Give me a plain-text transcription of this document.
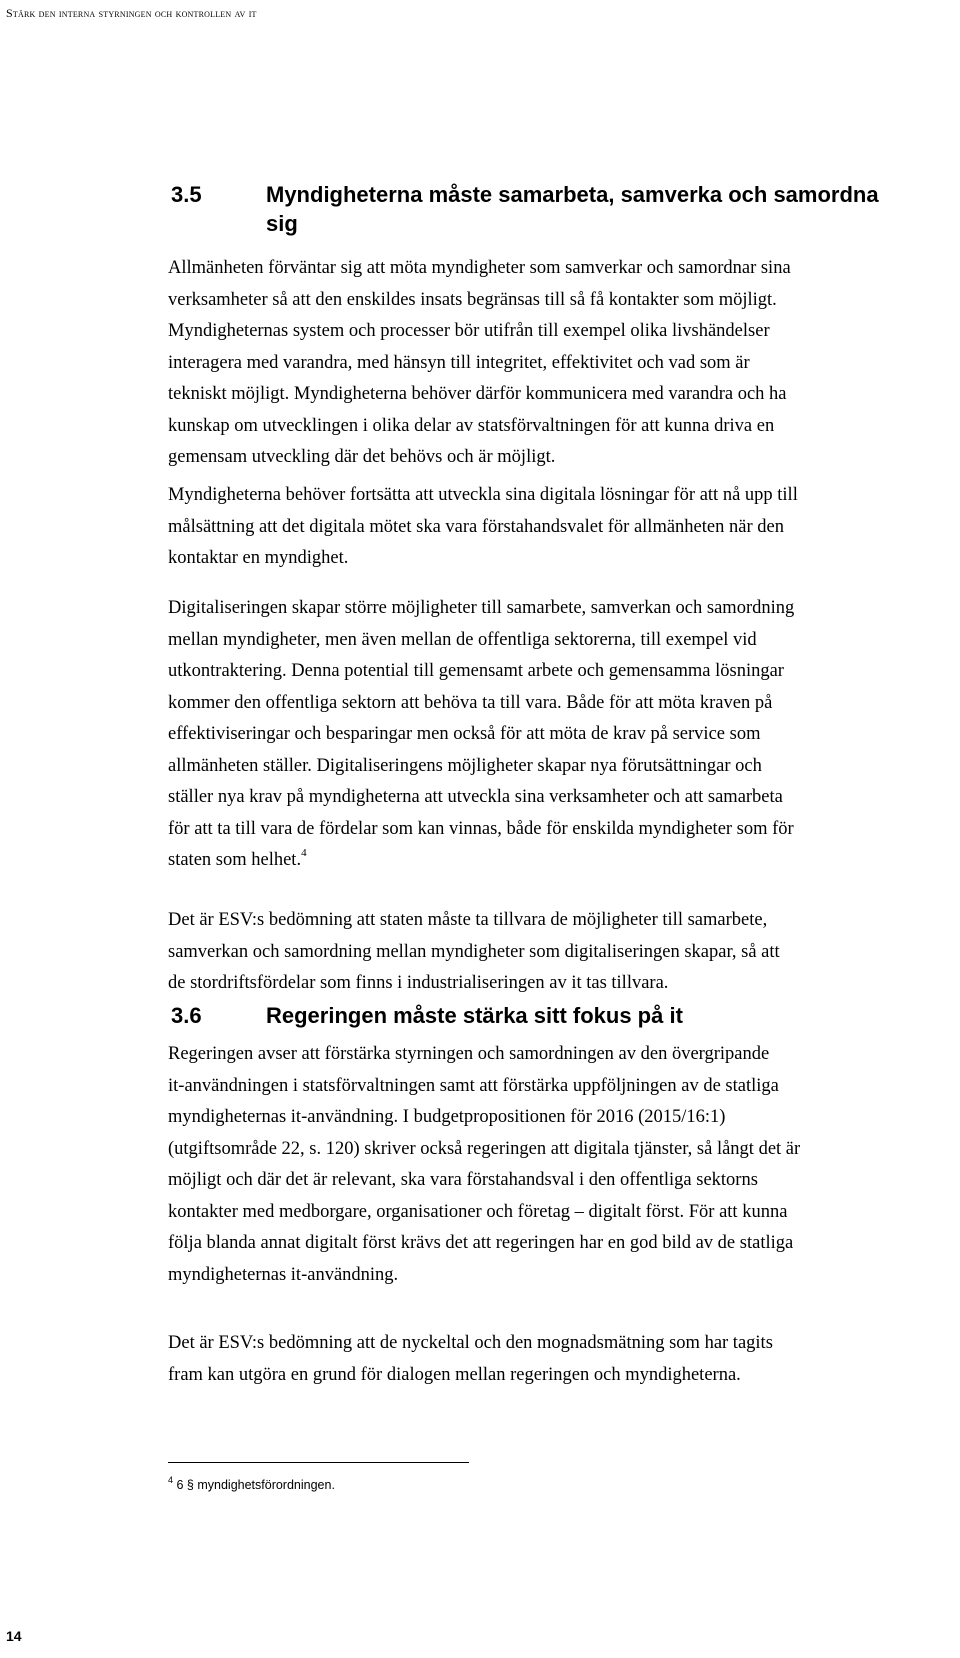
Stärk den interna styrningen och kontrollen av it
3.5	Myndigheterna måste samarbeta, samverka och samordna sig
Allmänheten förväntar sig att möta myndigheter som samverkar och samordnar sina
verksamheter så att den enskildes insats begränsas till så få kontakter som möjligt.
Myndigheternas system och processer bör utifrån till exempel olika livshändelser
interagera med varandra, med hänsyn till integritet, effektivitet och vad som är
tekniskt möjligt. Myndigheterna behöver därför kommunicera med varandra och ha
kunskap om utvecklingen i olika delar av statsförvaltningen för att kunna driva en
gemensam utveckling där det behövs och är möjligt.
Myndigheterna behöver fortsätta att utveckla sina digitala lösningar för att nå upp till
målsättning att det digitala mötet ska vara förstahandsvalet för allmänheten när den
kontaktar en myndighet.
Digitaliseringen skapar större möjligheter till samarbete, samverkan och samordning
mellan myndigheter, men även mellan de offentliga sektorerna, till exempel vid
utkontraktering. Denna potential till gemensamt arbete och gemensamma lösningar
kommer den offentliga sektorn att behöva ta till vara. Både för att möta kraven på
effektiviseringar och besparingar men också för att möta de krav på service som
allmänheten ställer. Digitaliseringens möjligheter skapar nya förutsättningar och
ställer nya krav på myndigheterna att utveckla sina verksamheter och att samarbeta
för att ta till vara de fördelar som kan vinnas, både för enskilda myndigheter som för
staten som helhet.$^4$
Det är ESV:s bedömning att staten måste ta tillvara de möjligheter till samarbete,
samverkan och samordning mellan myndigheter som digitaliseringen skapar, så att
de stordriftsfördelar som finns i industrialiseringen av it tas tillvara.
3.6	Regeringen måste stärka sitt fokus på it
Regeringen avser att förstärka styrningen och samordningen av den övergripande
it-användningen i statsförvaltningen samt att förstärka uppföljningen av de statliga
myndigheternas it-användning. I budgetpropositionen för 2016 (2015/16:1)
(utgiftsområde 22, s. 120) skriver också regeringen att digitala tjänster, så långt det är
möjligt och där det är relevant, ska vara förstahandsval i den offentliga sektorns
kontakter med medborgare, organisationer och företag – digitalt först. För att kunna
följa blanda annat digitalt först krävs det att regeringen har en god bild av de statliga
myndigheternas it-användning.
Det är ESV:s bedömning att de nyckeltal och den mognadsmätning som har tagits
fram kan utgöra en grund för dialogen mellan regeringen och myndigheterna.
$^4$ 6 § myndighetsförordningen.
14
